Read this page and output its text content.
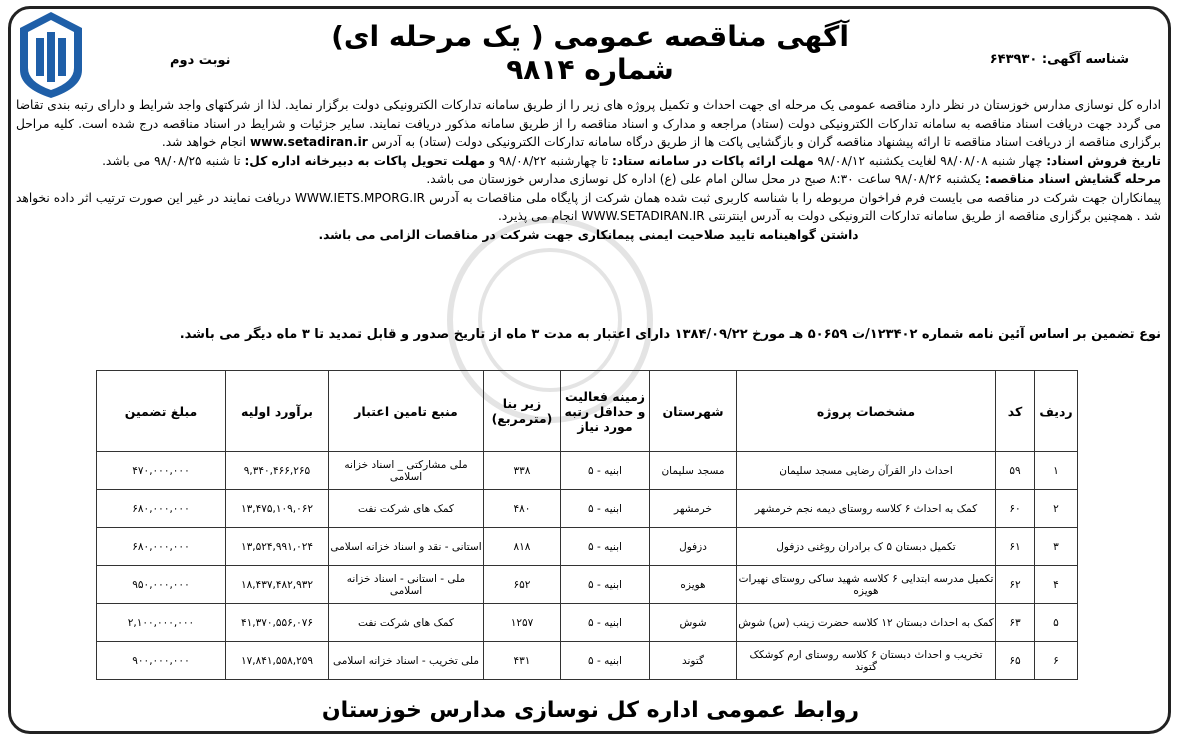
آگهی مناقصه عمومی ( یک مرحله ای) شماره ۹۸۱۴	شناسه آگهی: ۶۴۳۹۳۰
نوبت دوم

اداره کل نوسازی مدارس خوزستان در نظر دارد مناقصه عمومی یک مرحله ای جهت احداث و تکمیل پروژه های زیر را از طریق سامانه تدارکات الکترونیکی دولت برگزار نماید. لذا از شرکتهای واجد شرایط و دارای رتبه بندی تقاضا می گردد جهت دریافت اسناد مناقصه به سامانه تدارکات الکترونیکی دولت (ستاد) مراجعه و مدارک و اسناد مناقصه را از طریق سامانه مذکور دریافت نمایند. سایر جزئیات و شرایط در اسناد مناقصه درج شده است. کلیه مراحل برگزاری مناقصه از دریافت اسناد مناقصه تا ارائه پیشنهاد مناقصه گران و بازگشایی پاکت ها از طریق درگاه سامانه تدارکات الکترونیکی دولت (ستاد) به آدرس www.setadiran.ir انجام خواهد شد.

تاریخ فروش اسناد: چهار شنبه ۹۸/۰۸/۰۸ لغایت یکشنبه ۹۸/۰۸/۱۲ مهلت ارائه پاکات در سامانه ستاد: تا چهارشنبه ۹۸/۰۸/۲۲ و مهلت تحویل پاکات به دبیرخانه اداره کل: تا شنبه ۹۸/۰۸/۲۵ می باشد.

مرحله گشایش اسناد مناقصه: یکشنبه ۹۸/۰۸/۲۶ ساعت ۸:۳۰ صبح در محل سالن امام علی (ع) اداره کل نوسازی مدارس خوزستان می باشد.

پیمانکاران جهت شرکت در مناقصه می بایست فرم فراخوان مربوطه را با شناسه کاربری ثبت شده همان شرکت از پایگاه ملی مناقصات به آدرس WWW.IETS.MPORG.IR دریافت نمایند در غیر این صورت ترتیب اثر داده نخواهد شد . همچنین برگزاری مناقصه از طریق سامانه تدارکات الترونیکی دولت به آدرس اینترنتی WWW.SETADIRAN.IR انجام می پذیرد.

داشتن گواهینامه تایید صلاحیت ایمنی پیمانکاری جهت شرکت در مناقصات الزامی می باشد.

نوع تضمین بر اساس آئین نامه شماره ۱۲۳۴۰۲/ت ۵۰۶۵۹ هـ مورخ ۱۳۸۴/۰۹/۲۲ دارای اعتبار به مدت ۳ ماه از تاریخ صدور و قابل تمدید تا ۳ ماه دیگر می باشد.
ردیف	کد	مشخصات پروژه	شهرستان	زمینه فعالیت و حداقل رتبه مورد نیاز	زیر بنا (مترمربع)	منبع تامین اعتبار	برآورد اولیه	مبلغ تضمین
۱	۵۹	احداث دار القرآن رضایی مسجد سلیمان	مسجد سلیمان	ابنیه - ۵	۳۳۸	ملی مشارکتی _ اسناد خزانه اسلامی	۹,۳۴۰,۴۶۶,۲۶۵	۴۷۰,۰۰۰,۰۰۰
۲	۶۰	کمک به احداث ۶ کلاسه روستای دیمه نجم خرمشهر	خرمشهر	ابنیه - ۵	۴۸۰	کمک های شرکت نفت	۱۳,۴۷۵,۱۰۹,۰۶۲	۶۸۰,۰۰۰,۰۰۰
۳	۶۱	تکمیل دبستان ۵ ک برادران روغنی دزفول	دزفول	ابنیه - ۵	۸۱۸	استانی - نقد و اسناد خزانه اسلامی	۱۳,۵۲۴,۹۹۱,۰۲۴	۶۸۰,۰۰۰,۰۰۰
۴	۶۲	تکمیل مدرسه ابتدایی ۶ کلاسه شهید ساکی روستای نهیرات هویزه	هویزه	ابنیه - ۵	۶۵۲	ملی - استانی - اسناد خزانه اسلامی	۱۸,۴۳۷,۴۸۲,۹۳۲	۹۵۰,۰۰۰,۰۰۰
۵	۶۳	کمک به احداث دبستان ۱۲ کلاسه حضرت زینب (س) شوش	شوش	ابنیه - ۵	۱۲۵۷	کمک های شرکت نفت	۴۱,۳۷۰,۵۵۶,۰۷۶	۲,۱۰۰,۰۰۰,۰۰۰
۶	۶۵	تخریب و احداث دبستان ۶ کلاسه روستای ارم کوشکک گتوند	گتوند	ابنیه - ۵	۴۳۱	ملی تخریب - اسناد خزانه اسلامی	۱۷,۸۴۱,۵۵۸,۲۵۹	۹۰۰,۰۰۰,۰۰۰
روابط عمومی اداره کل نوسازی مدارس خوزستان
